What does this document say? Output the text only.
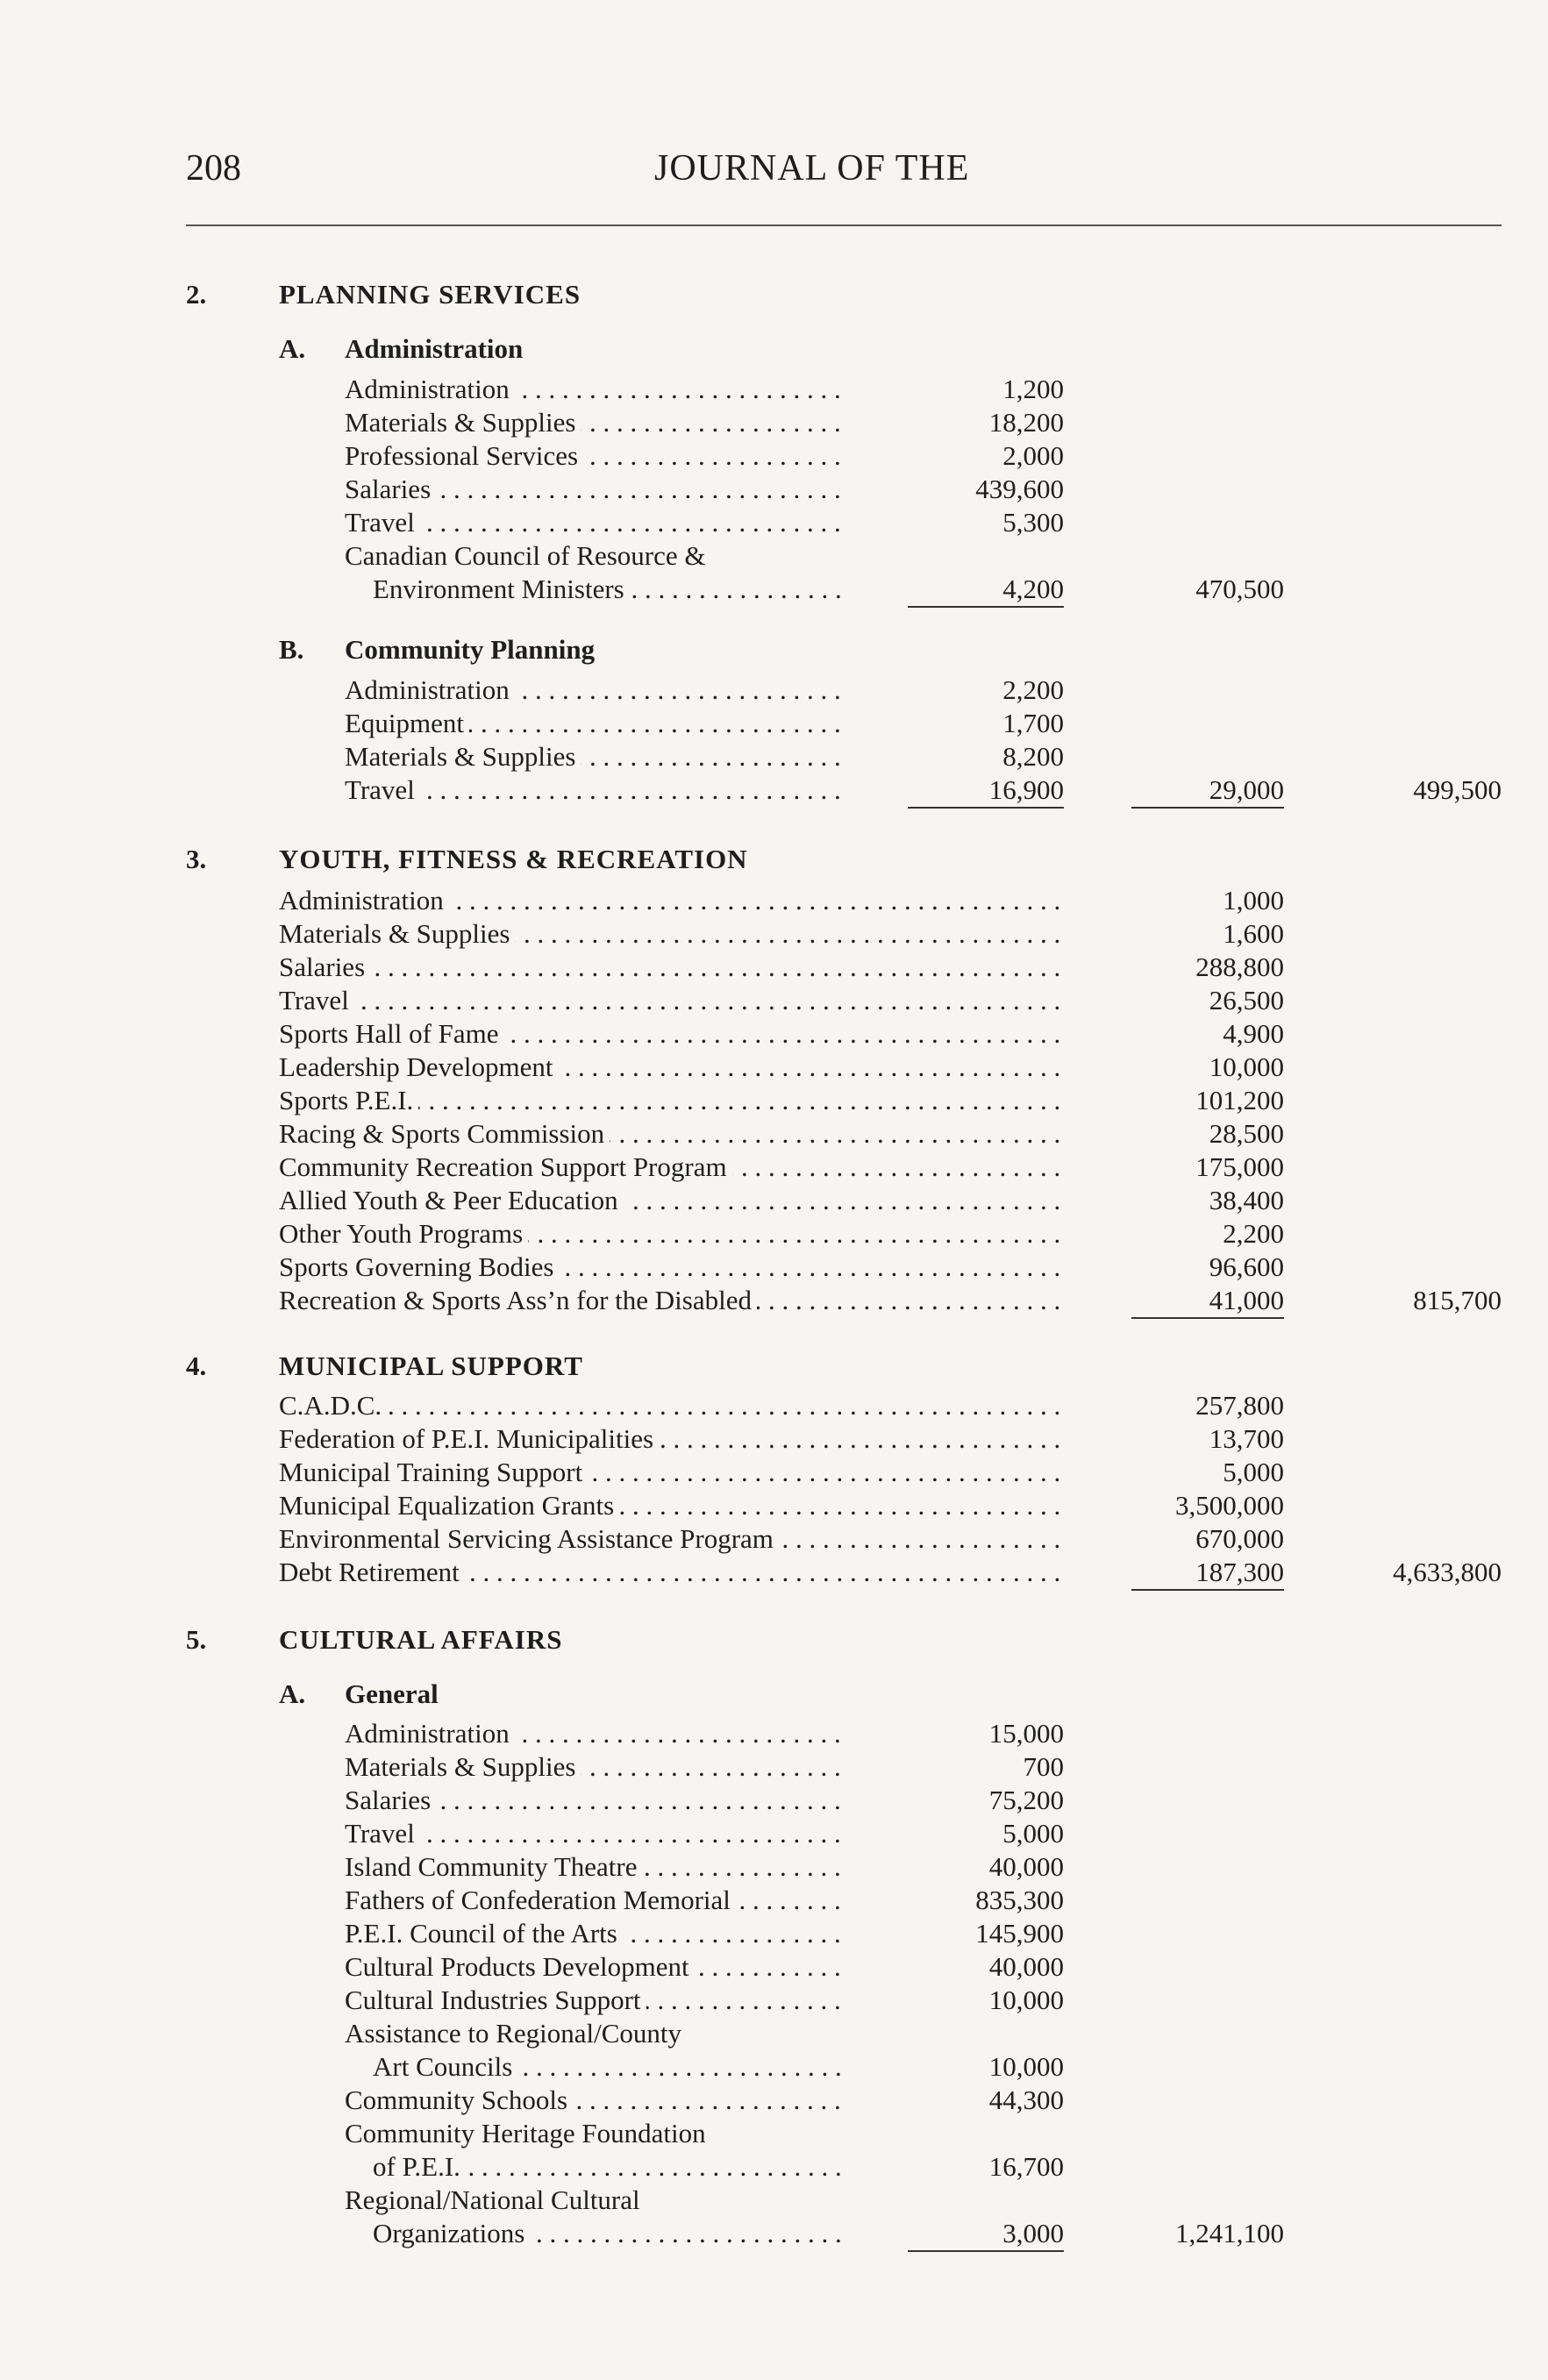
208	JOURNAL OF THE
2.	PLANNING SERVICES
A. Administration
Administration . . .	1,200
Materials & Supplies . . .	18,200
Professional Services . . .	2,000
Salaries . . .	439,600
Travel . . .	5,300
Canadian Council of Resource &
Environment Ministers . . .	4,200	470,500
B. Community Planning
Administration . . .	2,200
Equipment . . .	1,700
Materials & Supplies . . .	8,200
Travel . . .	16,900	29,000	499,500
3.	YOUTH, FITNESS & RECREATION
Administration . . .	1,000
Materials & Supplies . . .	1,600
Salaries . . .	288,800
Travel . . .	26,500
Sports Hall of Fame . . .	4,900
Leadership Development . . .	10,000
Sports P.E.I. . . .	101,200
Racing & Sports Commission . . .	28,500
Community Recreation Support Program . . .	175,000
Allied Youth & Peer Education . . .	38,400
Other Youth Programs . . .	2,200
Sports Governing Bodies . . .	96,600
Recreation & Sports Ass’n for the Disabled . . .	41,000	815,700
4.	MUNICIPAL SUPPORT
C.A.D.C. . . .	257,800
Federation of P.E.I. Municipalities . . .	13,700
Municipal Training Support . . .	5,000
Municipal Equalization Grants . . .	3,500,000
Environmental Servicing Assistance Program . . .	670,000
Debt Retirement . . .	187,300	4,633,800
5.	CULTURAL AFFAIRS
A. General
Administration . . .	15,000
Materials & Supplies . . .	700
Salaries . . .	75,200
Travel . . .	5,000
Island Community Theatre . . .	40,000
Fathers of Confederation Memorial . . .	835,300
P.E.I. Council of the Arts . . .	145,900
Cultural Products Development . . .	40,000
Cultural Industries Support . . .	10,000
Assistance to Regional/County
Art Councils . . .	10,000
Community Schools . . .	44,300
Community Heritage Foundation
of P.E.I. . . .	16,700
Regional/National Cultural
Organizations . . .	3,000	1,241,100
